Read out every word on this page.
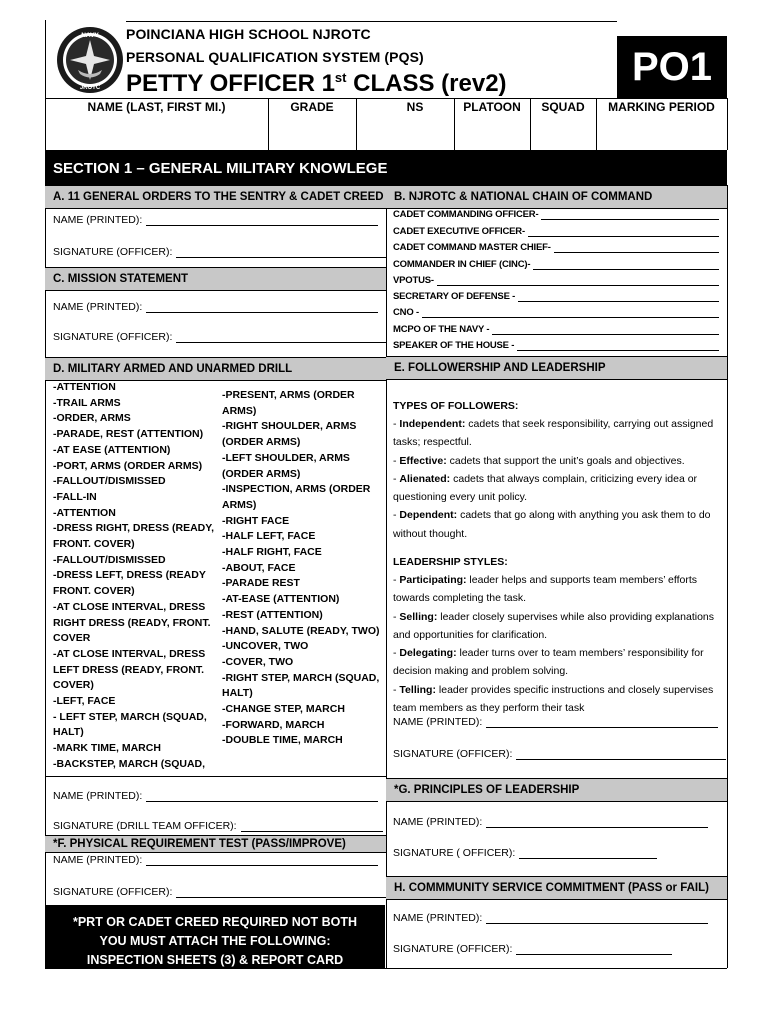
NAVY
JROTC
POINCIANA HIGH SCHOOL NJROTC
PERSONAL QUALIFICATION SYSTEM (PQS)
PETTY OFFICER 1st CLASS (rev2)	PO1
NAME (LAST, FIRST MI.)	GRADE	NS	PLATOON	SQUAD	MARKING PERIOD
SECTION 1 – GENERAL MILITARY KNOWLEGE
A. 11 GENERAL ORDERS TO THE SENTRY & CADET CREED
NAME (PRINTED):
SIGNATURE (OFFICER):
B. NJROTC & NATIONAL CHAIN OF COMMAND
CADET COMMANDING OFFICER-
CADET EXECUTIVE OFFICER-
CADET COMMAND MASTER CHIEF-
COMMANDER IN CHIEF (CINC)-
VPOTUS-
SECRETARY OF DEFENSE -
CNO -
MCPO OF THE NAVY -
SPEAKER OF THE HOUSE -
C. MISSION STATEMENT
NAME (PRINTED):
SIGNATURE (OFFICER):
D. MILITARY ARMED AND UNARMED DRILL
-ATTENTION
-TRAIL ARMS
-ORDER, ARMS
-PARADE, REST (ATTENTION)
-AT EASE (ATTENTION)
-PORT, ARMS (ORDER ARMS)
-FALLOUT/DISMISSED
-FALL-IN
-ATTENTION
-DRESS RIGHT, DRESS (READY, FRONT. COVER)
-FALLOUT/DISMISSED
-DRESS LEFT, DRESS (READY FRONT. COVER)
-AT CLOSE INTERVAL, DRESS RIGHT DRESS (READY, FRONT. COVER
-AT CLOSE INTERVAL, DRESS LEFT DRESS (READY, FRONT. COVER)
-LEFT, FACE
- LEFT STEP, MARCH (SQUAD, HALT)
-MARK TIME, MARCH
-BACKSTEP, MARCH (SQUAD,
-PRESENT, ARMS (ORDER ARMS)
-RIGHT SHOULDER, ARMS (ORDER ARMS)
-LEFT SHOULDER, ARMS (ORDER ARMS)
-INSPECTION, ARMS (ORDER ARMS)
-RIGHT FACE
-HALF LEFT, FACE
-HALF RIGHT, FACE
-ABOUT, FACE
-PARADE REST
-AT-EASE (ATTENTION)
-REST (ATTENTION)
-HAND, SALUTE (READY, TWO)
-UNCOVER, TWO
-COVER, TWO
-RIGHT STEP, MARCH (SQUAD, HALT)
-CHANGE STEP, MARCH
-FORWARD, MARCH
-DOUBLE TIME, MARCH
NAME (PRINTED):
SIGNATURE (DRILL TEAM OFFICER):
E. FOLLOWERSHIP AND LEADERSHIP
TYPES OF FOLLOWERS:
- Independent: cadets that seek responsibility, carrying out assigned tasks; respectful.
- Effective: cadets that support the unit’s goals and objectives.
- Alienated: cadets that always complain, criticizing every idea or questioning every unit policy.
- Dependent: cadets that go along with anything you ask them to do without thought.
LEADERSHIP STYLES:
- Participating: leader helps and supports team members’ efforts towards completing the task.
- Selling: leader closely supervises while also providing explanations and opportunities for clarification.
- Delegating: leader turns over to team members’ responsibility for decision making and problem solving.
- Telling: leader provides specific instructions and closely supervises team members as they perform their task
NAME (PRINTED):
SIGNATURE (OFFICER):
*G. PRINCIPLES OF LEADERSHIP
NAME (PRINTED):
SIGNATURE ( OFFICER):
*F. PHYSICAL REQUIREMENT TEST (PASS/IMPROVE)
NAME (PRINTED):
SIGNATURE (OFFICER):	H. COMMMUNITY SERVICE COMMITMENT (PASS or FAIL)
NAME (PRINTED):
SIGNATURE (OFFICER):
*PRT OR CADET CREED REQUIRED NOT BOTH
YOU MUST ATTACH THE FOLLOWING:
INSPECTION SHEETS (3) & REPORT CARD
